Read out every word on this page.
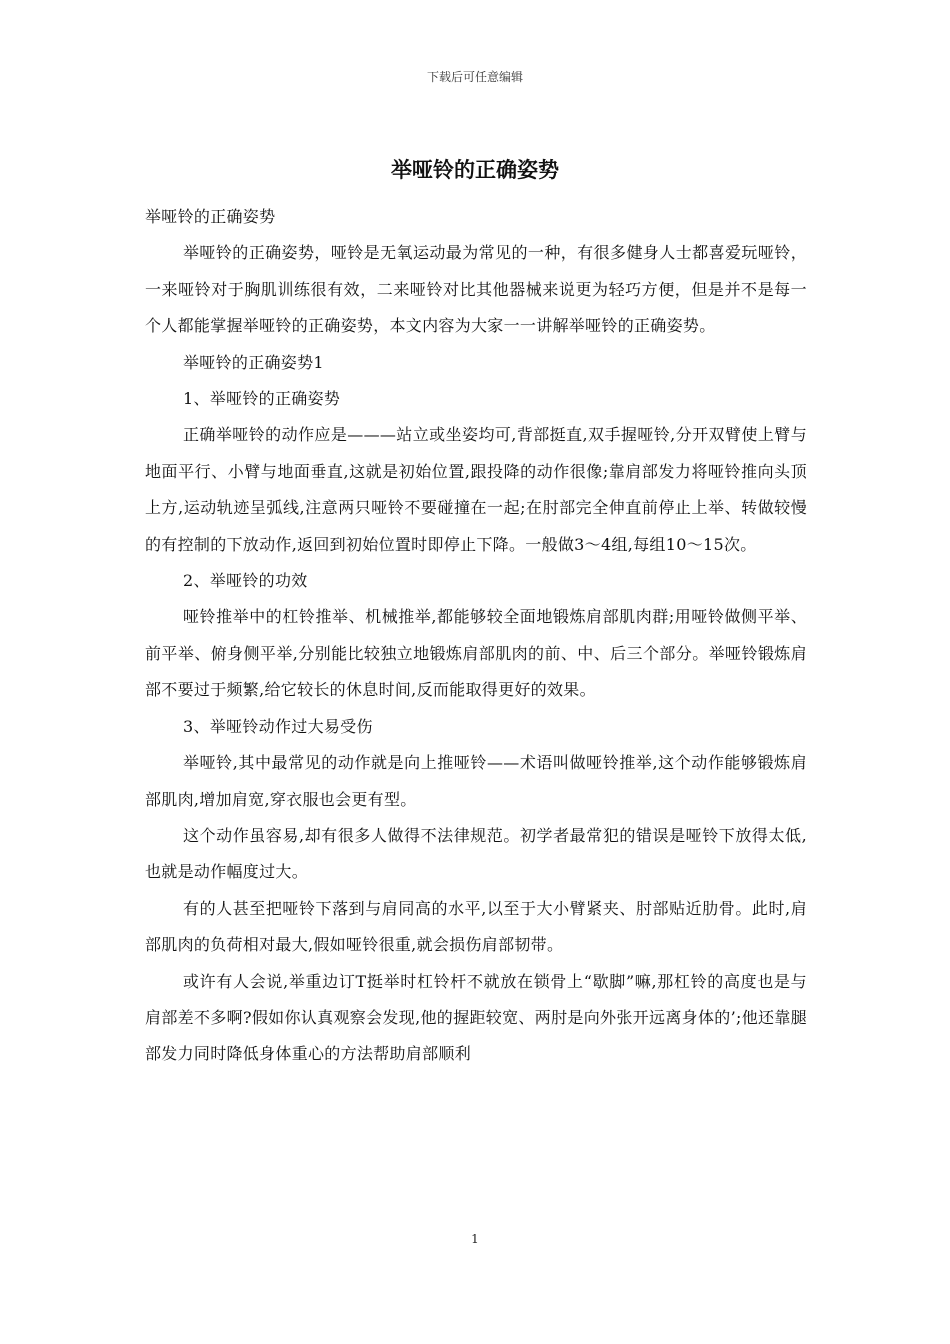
下载后可任意编辑
举哑铃的正确姿势

举哑铃的正确姿势

举哑铃的正确姿势，哑铃是无氧运动最为常见的一种，有很多健身人士都喜爱玩哑铃，一来哑铃对于胸肌训练很有效，二来哑铃对比其他器械来说更为轻巧方便，但是并不是每一个人都能掌握举哑铃的正确姿势，本文内容为大家一一讲解举哑铃的正确姿势。

举哑铃的正确姿势1

1、举哑铃的正确姿势

正确举哑铃的动作应是———站立或坐姿均可,背部挺直,双手握哑铃,分开双臂使上臂与地面平行、小臂与地面垂直,这就是初始位置,跟投降的动作很像;靠肩部发力将哑铃推向头顶上方,运动轨迹呈弧线,注意两只哑铃不要碰撞在一起;在肘部完全伸直前停止上举、转做较慢的有控制的下放动作,返回到初始位置时即停止下降。一般做3～4组,每组10～15次。

2、举哑铃的功效

哑铃推举中的杠铃推举、机械推举,都能够较全面地锻炼肩部肌肉群;用哑铃做侧平举、前平举、俯身侧平举,分别能比较独立地锻炼肩部肌肉的前、中、后三个部分。举哑铃锻炼肩部不要过于频繁,给它较长的休息时间,反而能取得更好的效果。

3、举哑铃动作过大易受伤

举哑铃,其中最常见的动作就是向上推哑铃——术语叫做哑铃推举,这个动作能够锻炼肩部肌肉,增加肩宽,穿衣服也会更有型。

这个动作虽容易,却有很多人做得不法律规范。初学者最常犯的错误是哑铃下放得太低,也就是动作幅度过大。

有的人甚至把哑铃下落到与肩同高的水平,以至于大小臂紧夹、肘部贴近肋骨。此时,肩部肌肉的负荷相对最大,假如哑铃很重,就会损伤肩部韧带。

或许有人会说,举重边订T挺举时杠铃杆不就放在锁骨上“歇脚”嘛,那杠铃的高度也是与肩部差不多啊?假如你认真观察会发现,他的握距较宽、两肘是向外张开远离身体的’;他还靠腿部发力同时降低身体重心的方法帮助肩部顺利

1
